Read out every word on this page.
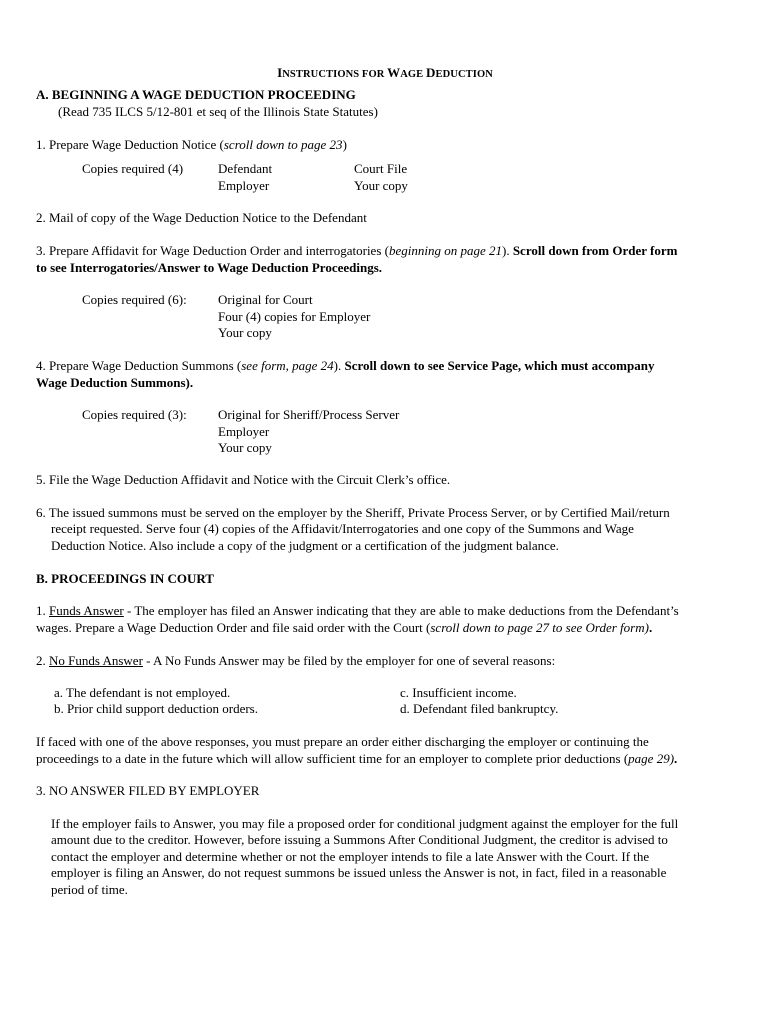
INSTRUCTIONS FOR WAGE DEDUCTION
A. BEGINNING A WAGE DEDUCTION PROCEEDING
(Read 735 ILCS 5/12-801 et seq of the Illinois State Statutes)
1. Prepare Wage Deduction Notice (scroll down to page 23)
Copies required (4)	Defendant
Employer
Court File
Your copy
2. Mail of copy of the Wage Deduction Notice to the Defendant
3. Prepare Affidavit for Wage Deduction Order and interrogatories (beginning on page 21). Scroll down from Order form
to see Interrogatories/Answer to Wage Deduction Proceedings.
Copies required (6): Original for Court
Four (4) copies for Employer
Your copy
4. Prepare Wage Deduction Summons (see form, page 24). Scroll down to see Service Page, which must accompany
Wage Deduction Summons).
Copies required (3): Original for Sheriff/Process Server
Employer
Your copy
5. File the Wage Deduction Affidavit and Notice with the Circuit Clerk’s office.
6. The issued summons must be served on the employer by the Sheriff, Private Process Server, or by Certified Mail/return
receipt requested. Serve four (4) copies of the Affidavit/Interrogatories and one copy of the Summons and Wage
Deduction Notice. Also include a copy of the judgment or a certification of the judgment balance.
B. PROCEEDINGS IN COURT
1. Funds Answer - The employer has filed an Answer indicating that they are able to make deductions from the Defendant’s
wages. Prepare a Wage Deduction Order and file said order with the Court (scroll down to page 27 to see Order form).
2. No Funds Answer - A No Funds Answer may be filed by the employer for one of several reasons:
a. The defendant is not employed.
b. Prior child support deduction orders.
c. Insufficient income.
d. Defendant filed bankruptcy.
If faced with one of the above responses, you must prepare an order either discharging the employer or continuing the
proceedings to a date in the future which will allow sufficient time for an employer to complete prior deductions (page 29).
3. NO ANSWER FILED BY EMPLOYER
If the employer fails to Answer, you may file a proposed order for conditional judgment against the employer for the full
amount due to the creditor. However, before issuing a Summons After Conditional Judgment, the creditor is advised to
contact the employer and determine whether or not the employer intends to file a late Answer with the Court. If the
employer is filing an Answer, do not request summons be issued unless the Answer is not, in fact, filed in a reasonable
period of time.
